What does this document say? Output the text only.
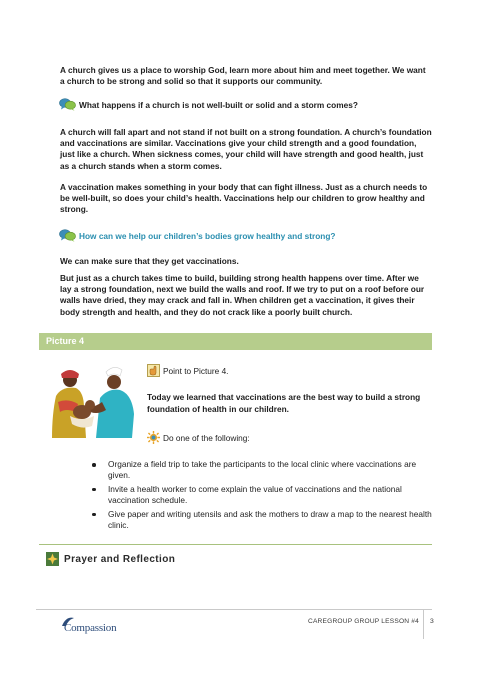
A church gives us a place to worship God, learn more about him and meet together. We want a church to be strong and solid so that it supports our community.

What happens if a church is not well-built or solid and a storm comes?

A church will fall apart and not stand if not built on a strong foundation. A church’s foundation and vaccinations are similar. Vaccinations give your child strength and a good foundation, just like a church. When sickness comes, your child will have strength and good health, just as a church stands when a storm comes.

A vaccination makes something in your body that can fight illness. Just as a church needs to be well-built, so does your child’s health. Vaccinations help our children to grow healthy and strong.

How can we help our children’s bodies grow healthy and strong?

We can make sure that they get vaccinations.

But just as a church takes time to build, building strong health happens over time. After we lay a strong foundation, next we build the walls and roof. If we try to put on a roof before our walls have dried, they may crack and fall in. When children get a vaccination, it gives their body strength and health, and they do not crack like a poorly built church.

Picture 4
Point to Picture 4.

Today we learned that vaccinations are the best way to build a strong foundation of health in our children.

Do one of the following:
Organize a field trip to take the participants to the local clinic where vaccinations are given.
Invite a health worker to come explain the value of vaccinations and the national vaccination schedule.
Give paper and writing utensils and ask the mothers to draw a map to the nearest health clinic.
Prayer and Reflection
Compassion
CAREGROUP GROUP LESSON #4 3
